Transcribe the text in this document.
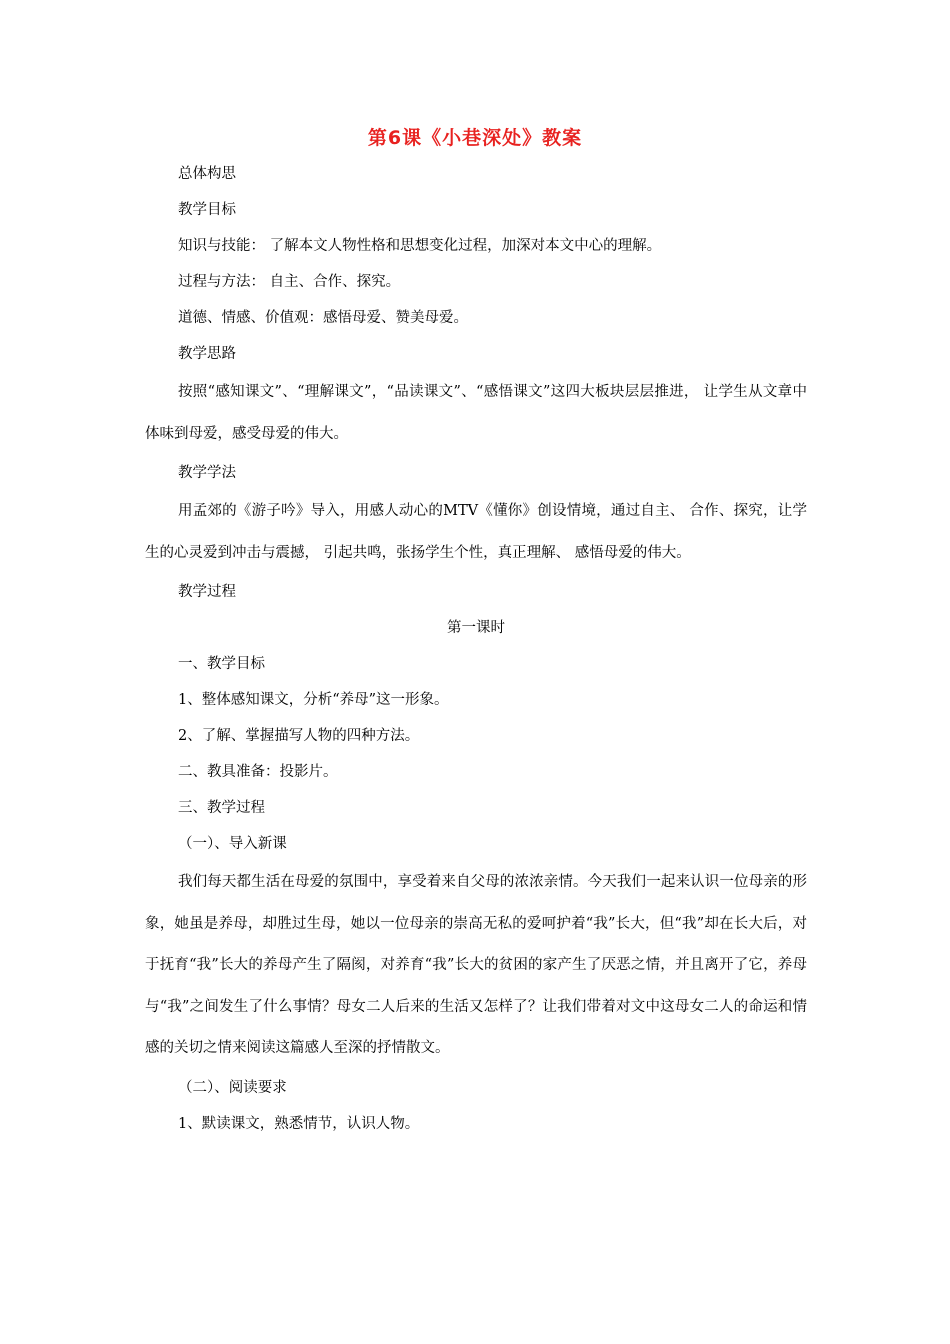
第6课《小巷深处》教案

总体构思

教学目标

知识与技能： 了解本文人物性格和思想变化过程，加深对本文中心的理解。

过程与方法： 自主、合作、探究。

道德、情感、价值观：感悟母爱、赞美母爱。

教学思路

按照“感知课文”、“理解课文”，“品读课文”、“感悟课文”这四大板块层层推进， 让学生从文章中体味到母爱，感受母爱的伟大。

教学学法

用孟郊的《游子吟》导入，用感人动心的MTV《懂你》创设情境，通过自主、 合作、探究，让学生的心灵爱到冲击与震撼， 引起共鸣，张扬学生个性，真正理解、 感悟母爱的伟大。

教学过程

第一课时

一、教学目标

1、整体感知课文，分析“养母”这一形象。

2、了解、掌握描写人物的四种方法。

二、教具准备：投影片。

三、教学过程

（一）、导入新课

我们每天都生活在母爱的氛围中，享受着来自父母的浓浓亲情。今天我们一起来认识一位母亲的形象，她虽是养母，却胜过生母，她以一位母亲的崇高无私的爱呵护着“我”长大，但“我”却在长大后，对于抚育“我”长大的养母产生了隔阂，对养育“我”长大的贫困的家产生了厌恶之情，并且离开了它，养母与“我”之间发生了什么事情？母女二人后来的生活又怎样了？让我们带着对文中这母女二人的命运和情感的关切之情来阅读这篇感人至深的抒情散文。

（二）、阅读要求

1、默读课文，熟悉情节，认识人物。
